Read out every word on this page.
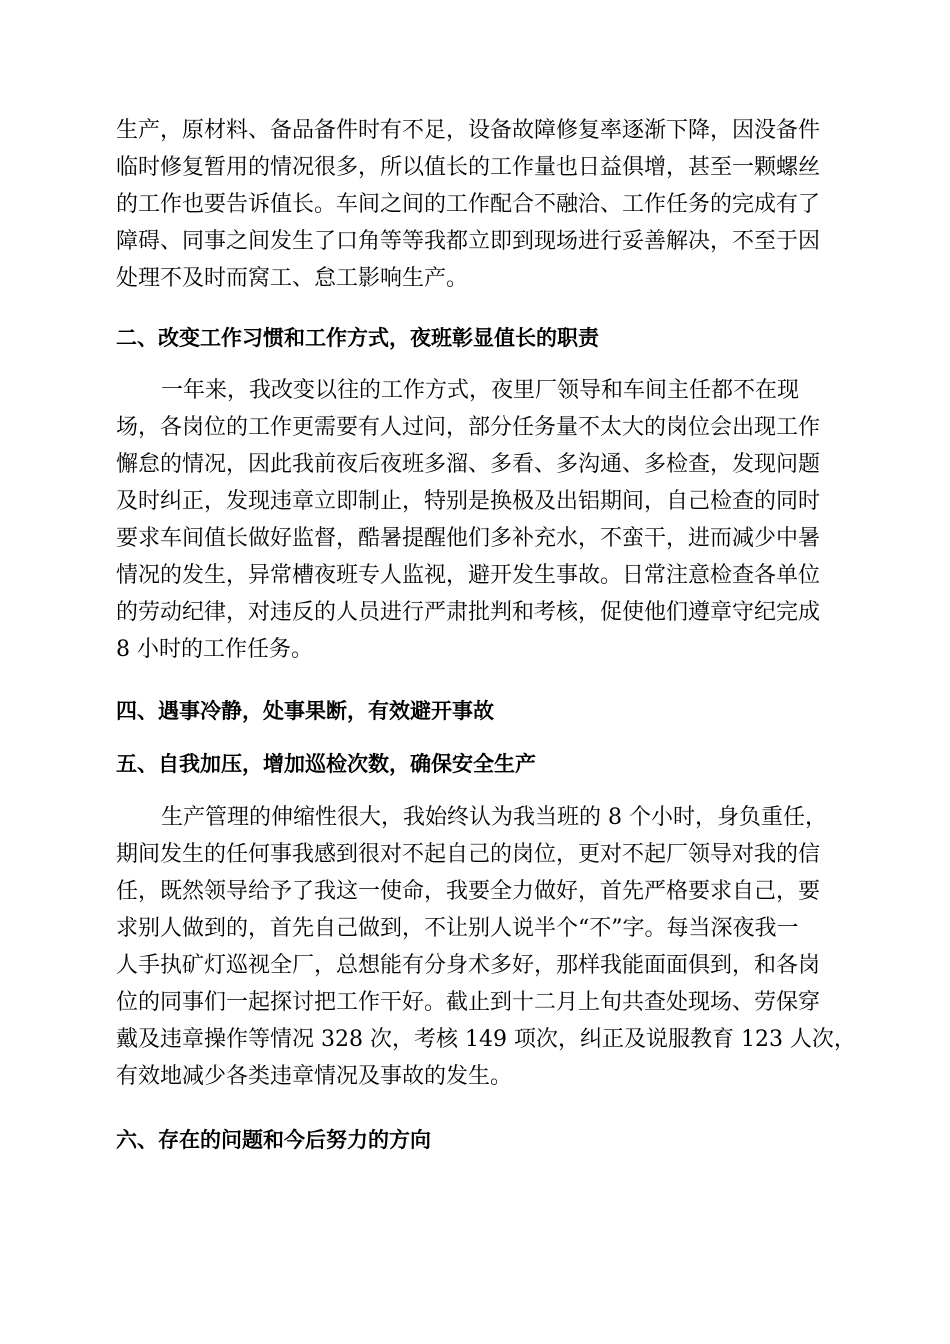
生产，原材料、备品备件时有不足，设备故障修复率逐渐下降，因没备件
临时修复暂用的情况很多，所以值长的工作量也日益俱增，甚至一颗螺丝
的工作也要告诉值长。车间之间的工作配合不融洽、工作任务的完成有了
障碍、同事之间发生了口角等等我都立即到现场进行妥善解决，不至于因
处理不及时而窝工、怠工影响生产。
二、改变工作习惯和工作方式，夜班彰显值长的职责
一年来，我改变以往的工作方式，夜里厂领导和车间主任都不在现
场，各岗位的工作更需要有人过问，部分任务量不太大的岗位会出现工作
懈怠的情况，因此我前夜后夜班多溜、多看、多沟通、多检查，发现问题
及时纠正，发现违章立即制止，特别是换极及出铝期间，自己检查的同时
要求车间值长做好监督，酷暑提醒他们多补充水，不蛮干，进而减少中暑
情况的发生，异常槽夜班专人监视，避开发生事故。日常注意检查各单位
的劳动纪律，对违反的人员进行严肃批判和考核，促使他们遵章守纪完成
8 小时的工作任务。
四、遇事冷静，处事果断，有效避开事故
五、自我加压，增加巡检次数，确保安全生产
生产管理的伸缩性很大，我始终认为我当班的 8 个小时，身负重任，
期间发生的任何事我感到很对不起自己的岗位，更对不起厂领导对我的信
任，既然领导给予了我这一使命，我要全力做好，首先严格要求自己，要
求别人做到的，首先自己做到，不让别人说半个“不”字。每当深夜我一
人手执矿灯巡视全厂，总想能有分身术多好，那样我能面面俱到，和各岗
位的同事们一起探讨把工作干好。截止到十二月上旬共查处现场、劳保穿
戴及违章操作等情况 328 次，考核 149 项次，纠正及说服教育 123 人次，
有效地减少各类违章情况及事故的发生。
六、存在的问题和今后努力的方向
